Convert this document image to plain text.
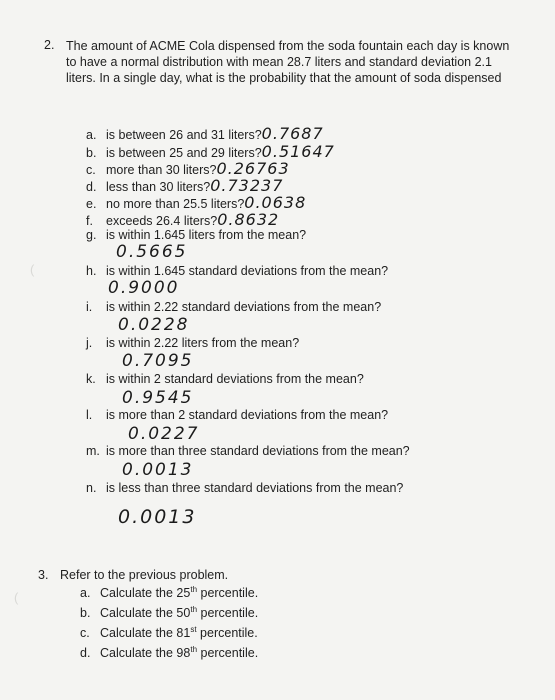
(
(
2. The amount of ACME Cola dispensed from the soda fountain each day is known to have a normal distribution with mean 28.7 liters and standard deviation 2.1 liters. In a single day, what is the probability that the amount of soda dispensed
a. is between 26 and 31 liters?0.7687
b. is between 25 and 29 liters?0.51647
c. more than 30 liters?0.26763
d. less than 30 liters?0.73237
e. no more than 25.5 liters?0.0638
f. exceeds 26.4 liters?0.8632
g. is within 1.645 liters from the mean?
0.5665
h. is within 1.645 standard deviations from the mean?
0.9000
i. is within 2.22 standard deviations from the mean?
0.0228
j. is within 2.22 liters from the mean?
0.7095
k. is within 2 standard deviations from the mean?
0.9545
l. is more than 2 standard deviations from the mean?
0.0227
m. is more than three standard deviations from the mean?
0.0013
n. is less than three standard deviations from the mean?
0.0013
3. Refer to the previous problem.
a. Calculate the 25th percentile.
b. Calculate the 50th percentile.
c. Calculate the 81st percentile.
d. Calculate the 98th percentile.
